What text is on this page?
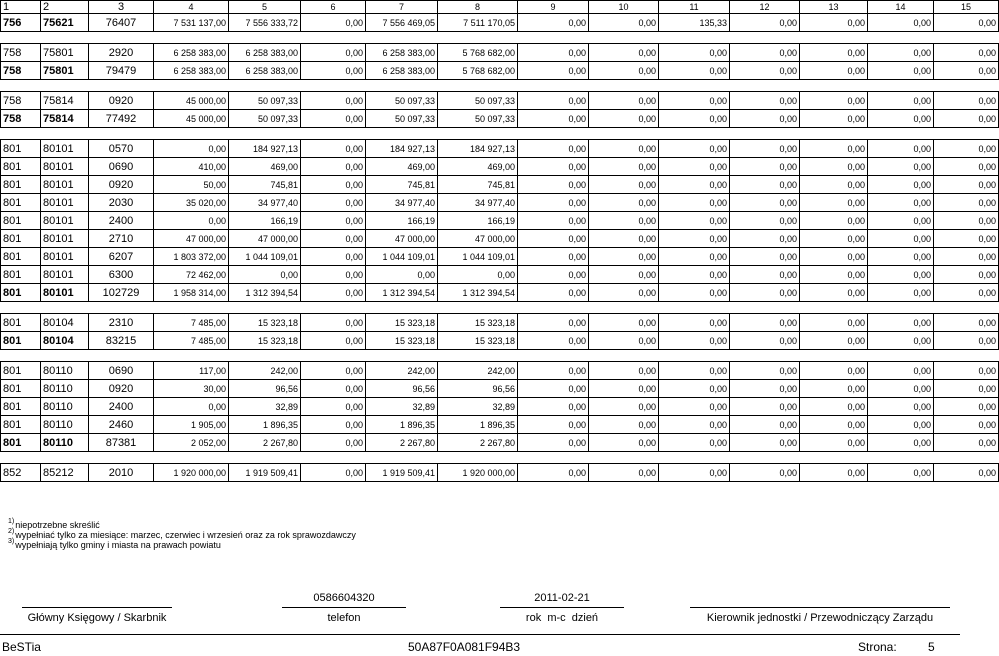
1	2	3	4	5	6	7	8	9	10	11	12	13	14	15
756	75621	76407	7 531 137,00	7 556 333,72	0,00	7 556 469,05	7 511 170,05	0,00	0,00	135,33	0,00	0,00	0,00	0,00

758	75801	2920	6 258 383,00	6 258 383,00	0,00	6 258 383,00	5 768 682,00	0,00	0,00	0,00	0,00	0,00	0,00	0,00
758	75801	79479	6 258 383,00	6 258 383,00	0,00	6 258 383,00	5 768 682,00	0,00	0,00	0,00	0,00	0,00	0,00	0,00

758	75814	0920	45 000,00	50 097,33	0,00	50 097,33	50 097,33	0,00	0,00	0,00	0,00	0,00	0,00	0,00
758	75814	77492	45 000,00	50 097,33	0,00	50 097,33	50 097,33	0,00	0,00	0,00	0,00	0,00	0,00	0,00

801	80101	0570	0,00	184 927,13	0,00	184 927,13	184 927,13	0,00	0,00	0,00	0,00	0,00	0,00	0,00
801	80101	0690	410,00	469,00	0,00	469,00	469,00	0,00	0,00	0,00	0,00	0,00	0,00	0,00
801	80101	0920	50,00	745,81	0,00	745,81	745,81	0,00	0,00	0,00	0,00	0,00	0,00	0,00
801	80101	2030	35 020,00	34 977,40	0,00	34 977,40	34 977,40	0,00	0,00	0,00	0,00	0,00	0,00	0,00
801	80101	2400	0,00	166,19	0,00	166,19	166,19	0,00	0,00	0,00	0,00	0,00	0,00	0,00
801	80101	2710	47 000,00	47 000,00	0,00	47 000,00	47 000,00	0,00	0,00	0,00	0,00	0,00	0,00	0,00
801	80101	6207	1 803 372,00	1 044 109,01	0,00	1 044 109,01	1 044 109,01	0,00	0,00	0,00	0,00	0,00	0,00	0,00
801	80101	6300	72 462,00	0,00	0,00	0,00	0,00	0,00	0,00	0,00	0,00	0,00	0,00	0,00
801	80101	102729	1 958 314,00	1 312 394,54	0,00	1 312 394,54	1 312 394,54	0,00	0,00	0,00	0,00	0,00	0,00	0,00

801	80104	2310	7 485,00	15 323,18	0,00	15 323,18	15 323,18	0,00	0,00	0,00	0,00	0,00	0,00	0,00
801	80104	83215	7 485,00	15 323,18	0,00	15 323,18	15 323,18	0,00	0,00	0,00	0,00	0,00	0,00	0,00

801	80110	0690	117,00	242,00	0,00	242,00	242,00	0,00	0,00	0,00	0,00	0,00	0,00	0,00
801	80110	0920	30,00	96,56	0,00	96,56	96,56	0,00	0,00	0,00	0,00	0,00	0,00	0,00
801	80110	2400	0,00	32,89	0,00	32,89	32,89	0,00	0,00	0,00	0,00	0,00	0,00	0,00
801	80110	2460	1 905,00	1 896,35	0,00	1 896,35	1 896,35	0,00	0,00	0,00	0,00	0,00	0,00	0,00
801	80110	87381	2 052,00	2 267,80	0,00	2 267,80	2 267,80	0,00	0,00	0,00	0,00	0,00	0,00	0,00

852	85212	2010	1 920 000,00	1 919 509,41	0,00	1 919 509,41	1 920 000,00	0,00	0,00	0,00	0,00	0,00	0,00	0,00
$^{1)}$niepotrzebne skreślić
$^{2)}$wypełniać tylko za miesiące: marzec, czerwiec i wrzesień oraz za rok sprawozdawczy
$^{3)}$wypełniają tylko gminy i miasta na prawach powiatu
Główny Księgowy / Skarbnik
0586604320
telefon
2011-02-21
rok  m-c  dzień	Kierownik jednostki / Przewodniczący Zarządu
BeSTia	50A87F0A081F94B3	Strona:	5
